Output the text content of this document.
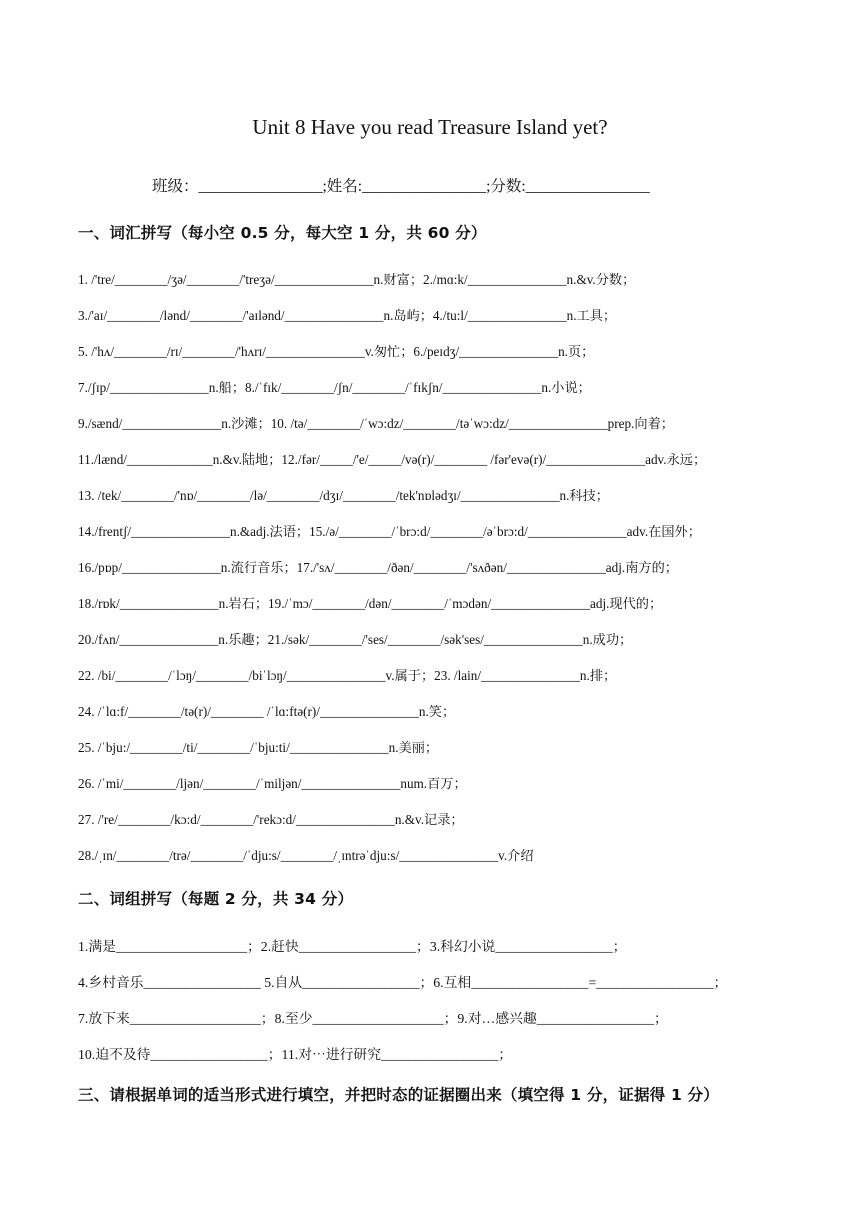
Unit 8 Have you read Treasure Island yet?
班级：________________;姓名:________________;分数:________________
一、词汇拼写（每小空 0.5 分，每大空 1 分，共 60 分）
1. /'tre/________/ʒə/________/'treʒə/_______________n.财富；2./mɑ:k/_______________n.&v.分数；
3./'aɪ/________/lənd/________/'aɪlənd/_______________n.岛屿；4./tu:l/_______________n.工具；
5. /'hʌ/________/rɪ/________/'hʌrɪ/_______________v.匆忙；6./peɪdʒ/_______________n.页；
7./ʃɪp/_______________n.船；8./ˈfɪk/________/ʃn/________/ˈfɪkʃn/_______________n.小说；
9./sænd/_______________n.沙滩；10. /tə/________/ˈwɔ:dz/________/təˈwɔ:dz/_______________prep.向着；
11./lænd/_____________n.&v.陆地；12./fər/_____/'e/_____/və(r)/________ /fər'evə(r)/_______________adv.永远；
13. /tek/________/'nɒ/________/lə/________/dʒɪ/________/tek'nɒlədʒɪ/_______________n.科技；
14./frentʃ/_______________n.&adj.法语；15./ə/________/ˈbrɔ:d/________/əˈbrɔ:d/_______________adv.在国外；
16./pɒp/_______________n.流行音乐；17./'sʌ/________/ðən/________/'sʌðən/_______________adj.南方的；
18./rɒk/_______________n.岩石；19./ˈmɔ/________/dən/________/ˈmɔdən/_______________adj.现代的；
20./fʌn/_______________n.乐趣；21./sək/________/'ses/________/sək'ses/_______________n.成功；
22. /bi/________/ˈlɔŋ/________/biˈlɔŋ/_______________v.属于；23. /lain/_______________n.排；
24. /ˈlɑ:f/________/tə(r)/________ /ˈlɑ:ftə(r)/_______________n.笑；
25. /ˈbju:/________/ti/________/ˈbju:ti/_______________n.美丽；
26. /ˈmi/________/ljən/________/ˈmiljən/_______________num.百万；
27. /'re/________/kɔ:d/________/'rekɔ:d/_______________n.&v.记录；
28./ˌɪn/________/trə/________/ˈdju:s/________/ˌɪntrəˈdju:s/_______________v.介绍
二、词组拼写（每题 2 分，共 34 分）
1.满是___________________；2.赶快_________________；3.科幻小说_________________；
4.乡村音乐_________________ 5.自从_________________；6.互相_________________=_________________；
7.放下来___________________；8.至少___________________；9.对…感兴趣_________________；
10.迫不及待_________________；11.对⋯进行研究_________________；
三、请根据单词的适当形式进行填空，并把时态的证据圈出来（填空得 1 分，证据得 1 分）
